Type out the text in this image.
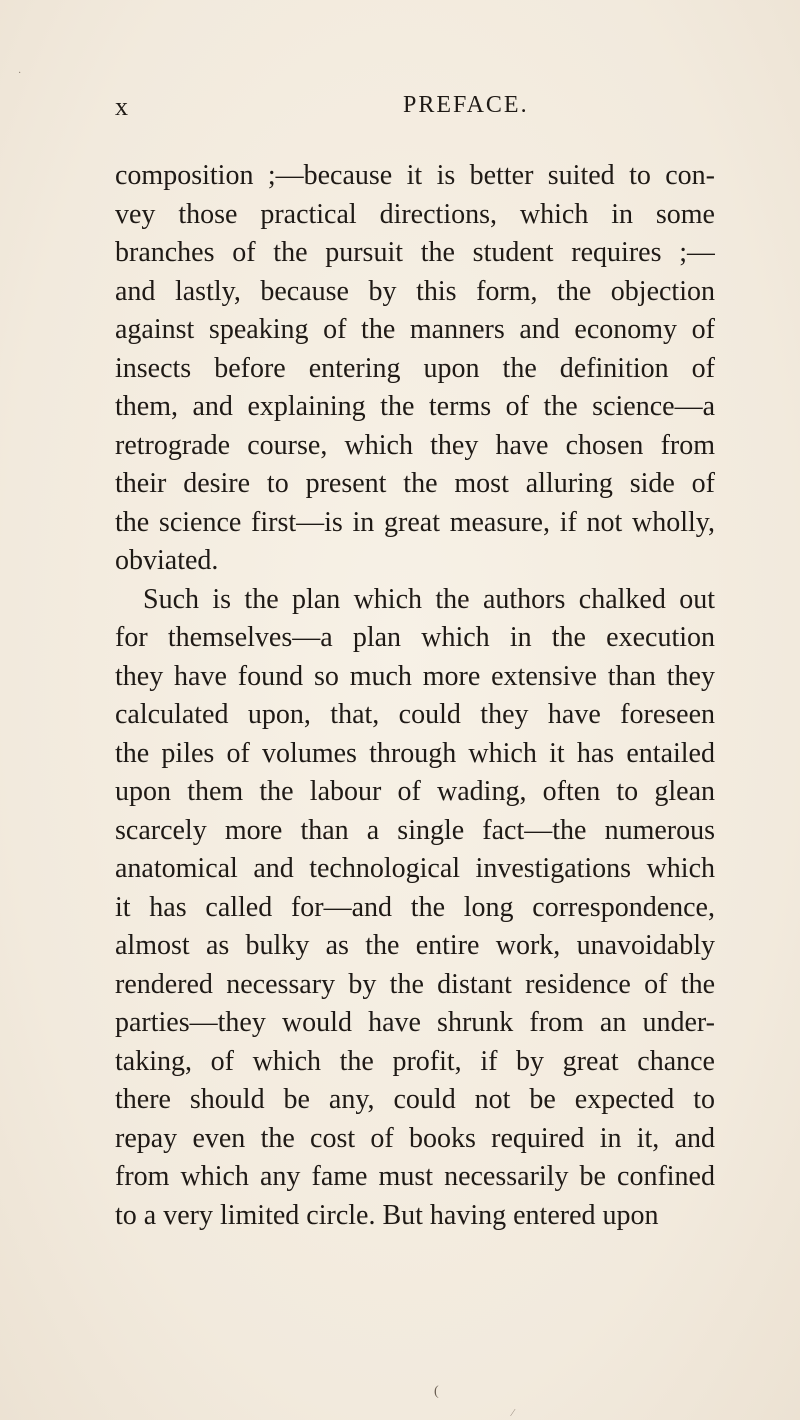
x	PREFACE.
composition ;—because it is better suited to con-
vey those practical directions, which in some
branches of the pursuit the student requires ;—
and lastly, because by this form, the objection
against speaking of the manners and economy of
insects before entering upon the definition of
them, and explaining the terms of the science—a
retrograde course, which they have chosen from
their desire to present the most alluring side of
the science first—is in great measure, if not wholly,
obviated.
Such is the plan which the authors chalked out
for themselves—a plan which in the execution
they have found so much more extensive than they
calculated upon, that, could they have foreseen
the piles of volumes through which it has entailed
upon them the labour of wading, often to glean
scarcely more than a single fact—the numerous
anatomical and technological investigations which
it has called for—and the long correspondence,
almost as bulky as the entire work, unavoidably
rendered necessary by the distant residence of the
parties—they would have shrunk from an under-
taking, of which the profit, if by great chance
there should be any, could not be expected to
repay even the cost of books required in it, and
from which any fame must necessarily be confined
to a very limited circle. But having entered upon
(
⁄
·
